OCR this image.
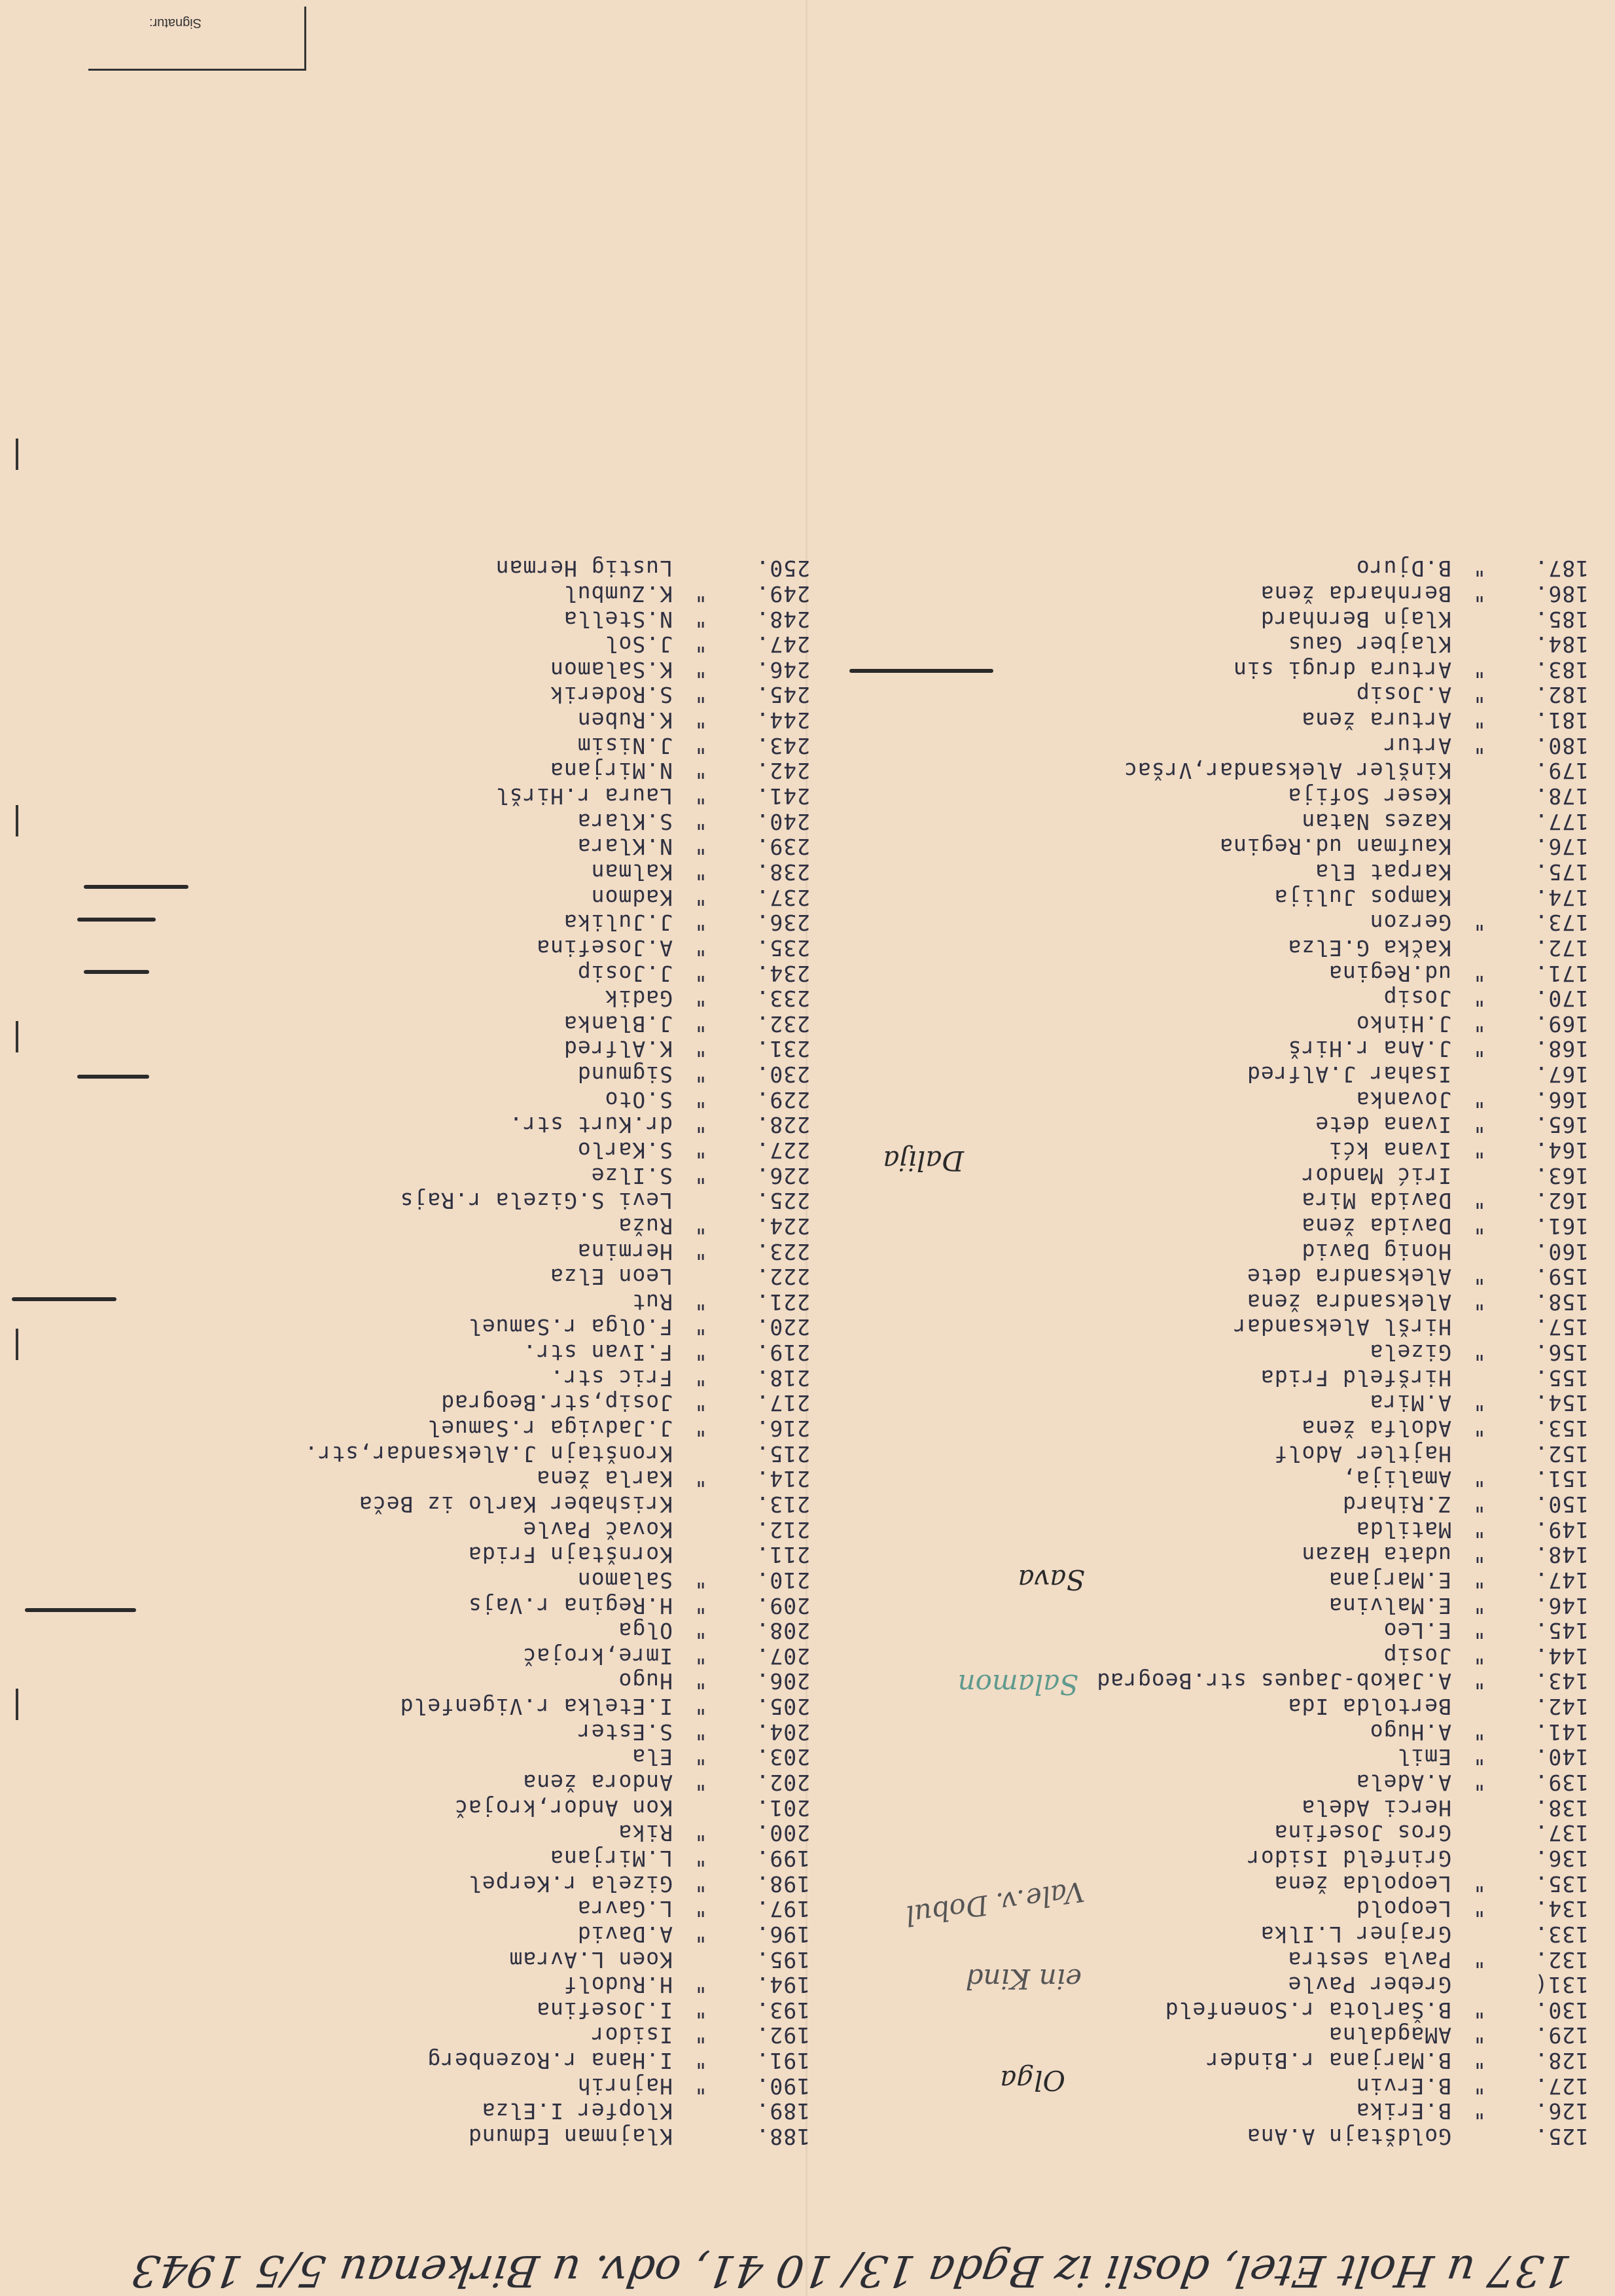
137 u Holt Etel, dosli iz Bgda 13/ 10 41, odv. u Birkenau 5/5 1943
125.Goldštajn A.Ana
126."B.Erika
127."B.Ervin
128."B.Marjana r.Binder
129."AMagdalna
130."B.Šarlota r.Sonenfeld
131(Greber Pavle
132."Pavla sestra
133.Grajner L.Ilka
134."Leopold
135."Leopolda žena
136.Grinfeld Isidor
137.Gros Josefina
138.Herci Adela
139."A.Adela
140."Emil
141."A.Hugo
142.Bertolda Ida
143."A.Jakob-Jaques str.Beograd
144."Josip
145."E.Leo
146."E.Malvina
147."E.Marjana
148."udata Hazan
149."Matilda
150."Z.Rihard
151."Amalija,
152.Hajtler Adolf
153."Adolfa žena
154."A.Mira
155.Hiršfeld Frida
156."Gizela
157.Hiršl Aleksandar
158."Aleksandra žena
159."Aleksandra dete
160.Honig David
161."Davida žena
162."Davida Mira
163.Irić Mandor
164."Ivana kći
165."Ivana dete
166."Jovanka
167.Isahar J.Alfred
168."J.Ana r.Hirš
169."J.Hinko
170."Josip
171."ud.Regina
172.Kačka G.Elza
173."Gerzon
174.Kampos Julija
175.Karpat Ela
176.Kaufman ud.Regina
177.Kazes Natan
178.Keser Sofija
179.Kinšler Aleksandar,Vršac
180."Artur
181."Artura žena
182."A.Josip
183."Artura drugi sin
184.Klajber Gaus
185.Klajn Bernhard
186."Bernharda žena
187."B.Djuro
188.Klajnman Edmund
189.Klopfer I.Elza
190."Hajnrih
191."I.Hana r.Rozenberg
192."Isidor
193."I.Josefina
194."H.Rudolf
195.Koen L.Avram
196."A.David
197."L.Gavra
198."Gizela r.Kerpel
199."L.Mirjana
200."Rika
201.Kon Andor,krojač
202."Andora žena
203."Ela
204."S.Ester
205."I.Etelka r.Vigenfeld
206."Hugo
207."Imre,krojač
208."Olga
209."H.Regina r.Vajs
210."Salamon
211.Kornštajn Frida
212.Kovač Pavle
213.Krishaber Karlo iz Beča
214."Karla žena
215.Kronštajn J.Aleksandar,str.
216."J.Jadviga r.Samuel
217."Josip,str.Beograd
218."Fric str.
219."F.Ivan str.
220."F.Olga r.Samuel
221."Rut
222.Leon Elza
223."Hermina
224."Ruža
225.Levi S.Gizela r.Rajs
226."S.Ilze
227."S.Karlo
228."dr.Kurt str.
229."S.Oto
230."Sigmund
231."K.Alfred
232."J.Blanka
233."Gadik
234."J.Josip
235."A.Josefina
236."J.Julika
237."Kadmon
238."Kalman
239."N.Klara
240."S.Klara
241."Laura r.Hiršl
242."N.Mirjana
243."J.Nisim
244."K.Ruben
245."S.Roderik
246."K.Salamon
247."J.Sol
248."N.Stella
249."K.Zumbul
250.Lustig Herman
Dalija
Sava
Salamon
Vale.v. Dobul
ein Kind
Olga
Signatur:
